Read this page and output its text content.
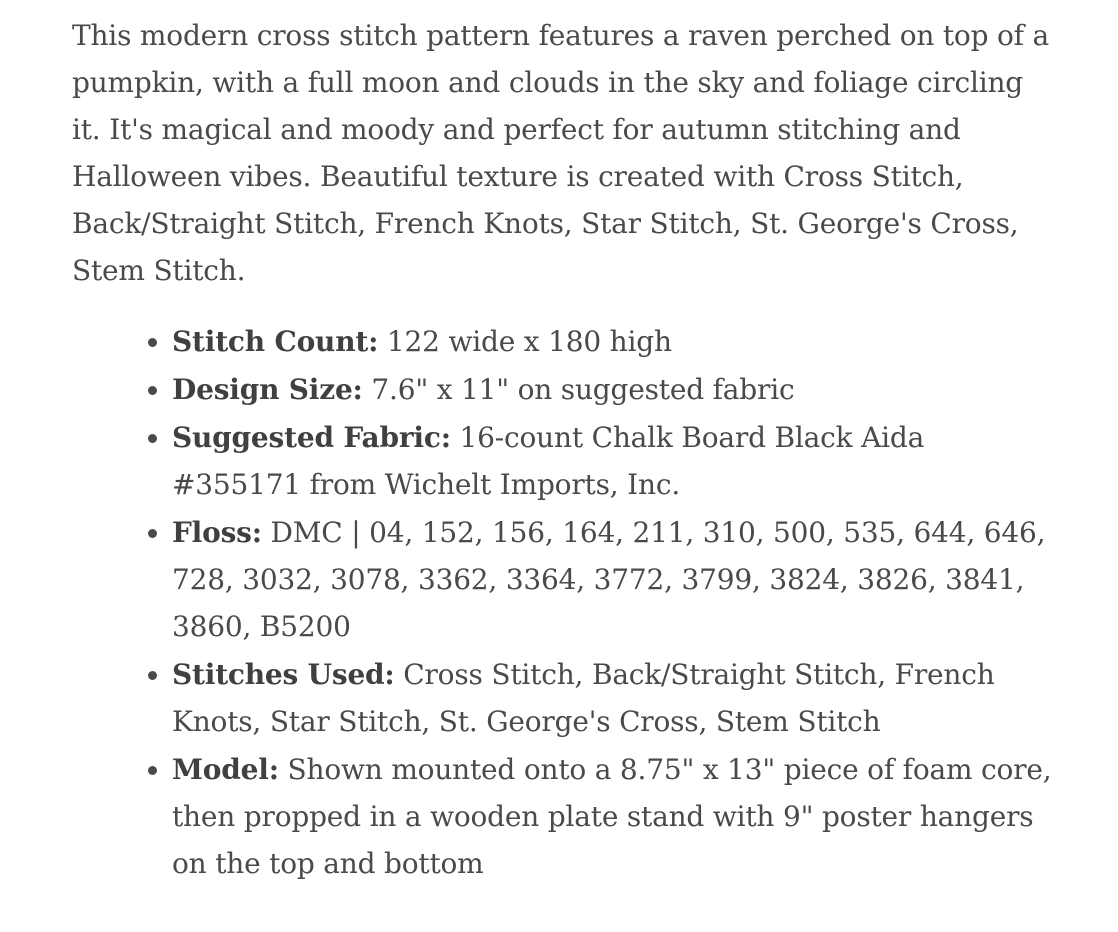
This modern cross stitch pattern features a raven perched on top of a pumpkin, with a full moon and clouds in the sky and foliage circling it. It's magical and moody and perfect for autumn stitching and Halloween vibes. Beautiful texture is created with Cross Stitch, Back/Straight Stitch, French Knots, Star Stitch, St. George's Cross, Stem Stitch.

• Stitch Count: 122 wide x 180 high
• Design Size: 7.6" x 11" on suggested fabric
• Suggested Fabric: 16-count Chalk Board Black Aida #355171 from Wichelt Imports, Inc.
• Floss: DMC | 04, 152, 156, 164, 211, 310, 500, 535, 644, 646, 728, 3032, 3078, 3362, 3364, 3772, 3799, 3824, 3826, 3841, 3860, B5200
• Stitches Used: Cross Stitch, Back/Straight Stitch, French Knots, Star Stitch, St. George's Cross, Stem Stitch
• Model: Shown mounted onto a 8.75" x 13" piece of foam core, then propped in a wooden plate stand with 9" poster hangers on the top and bottom
